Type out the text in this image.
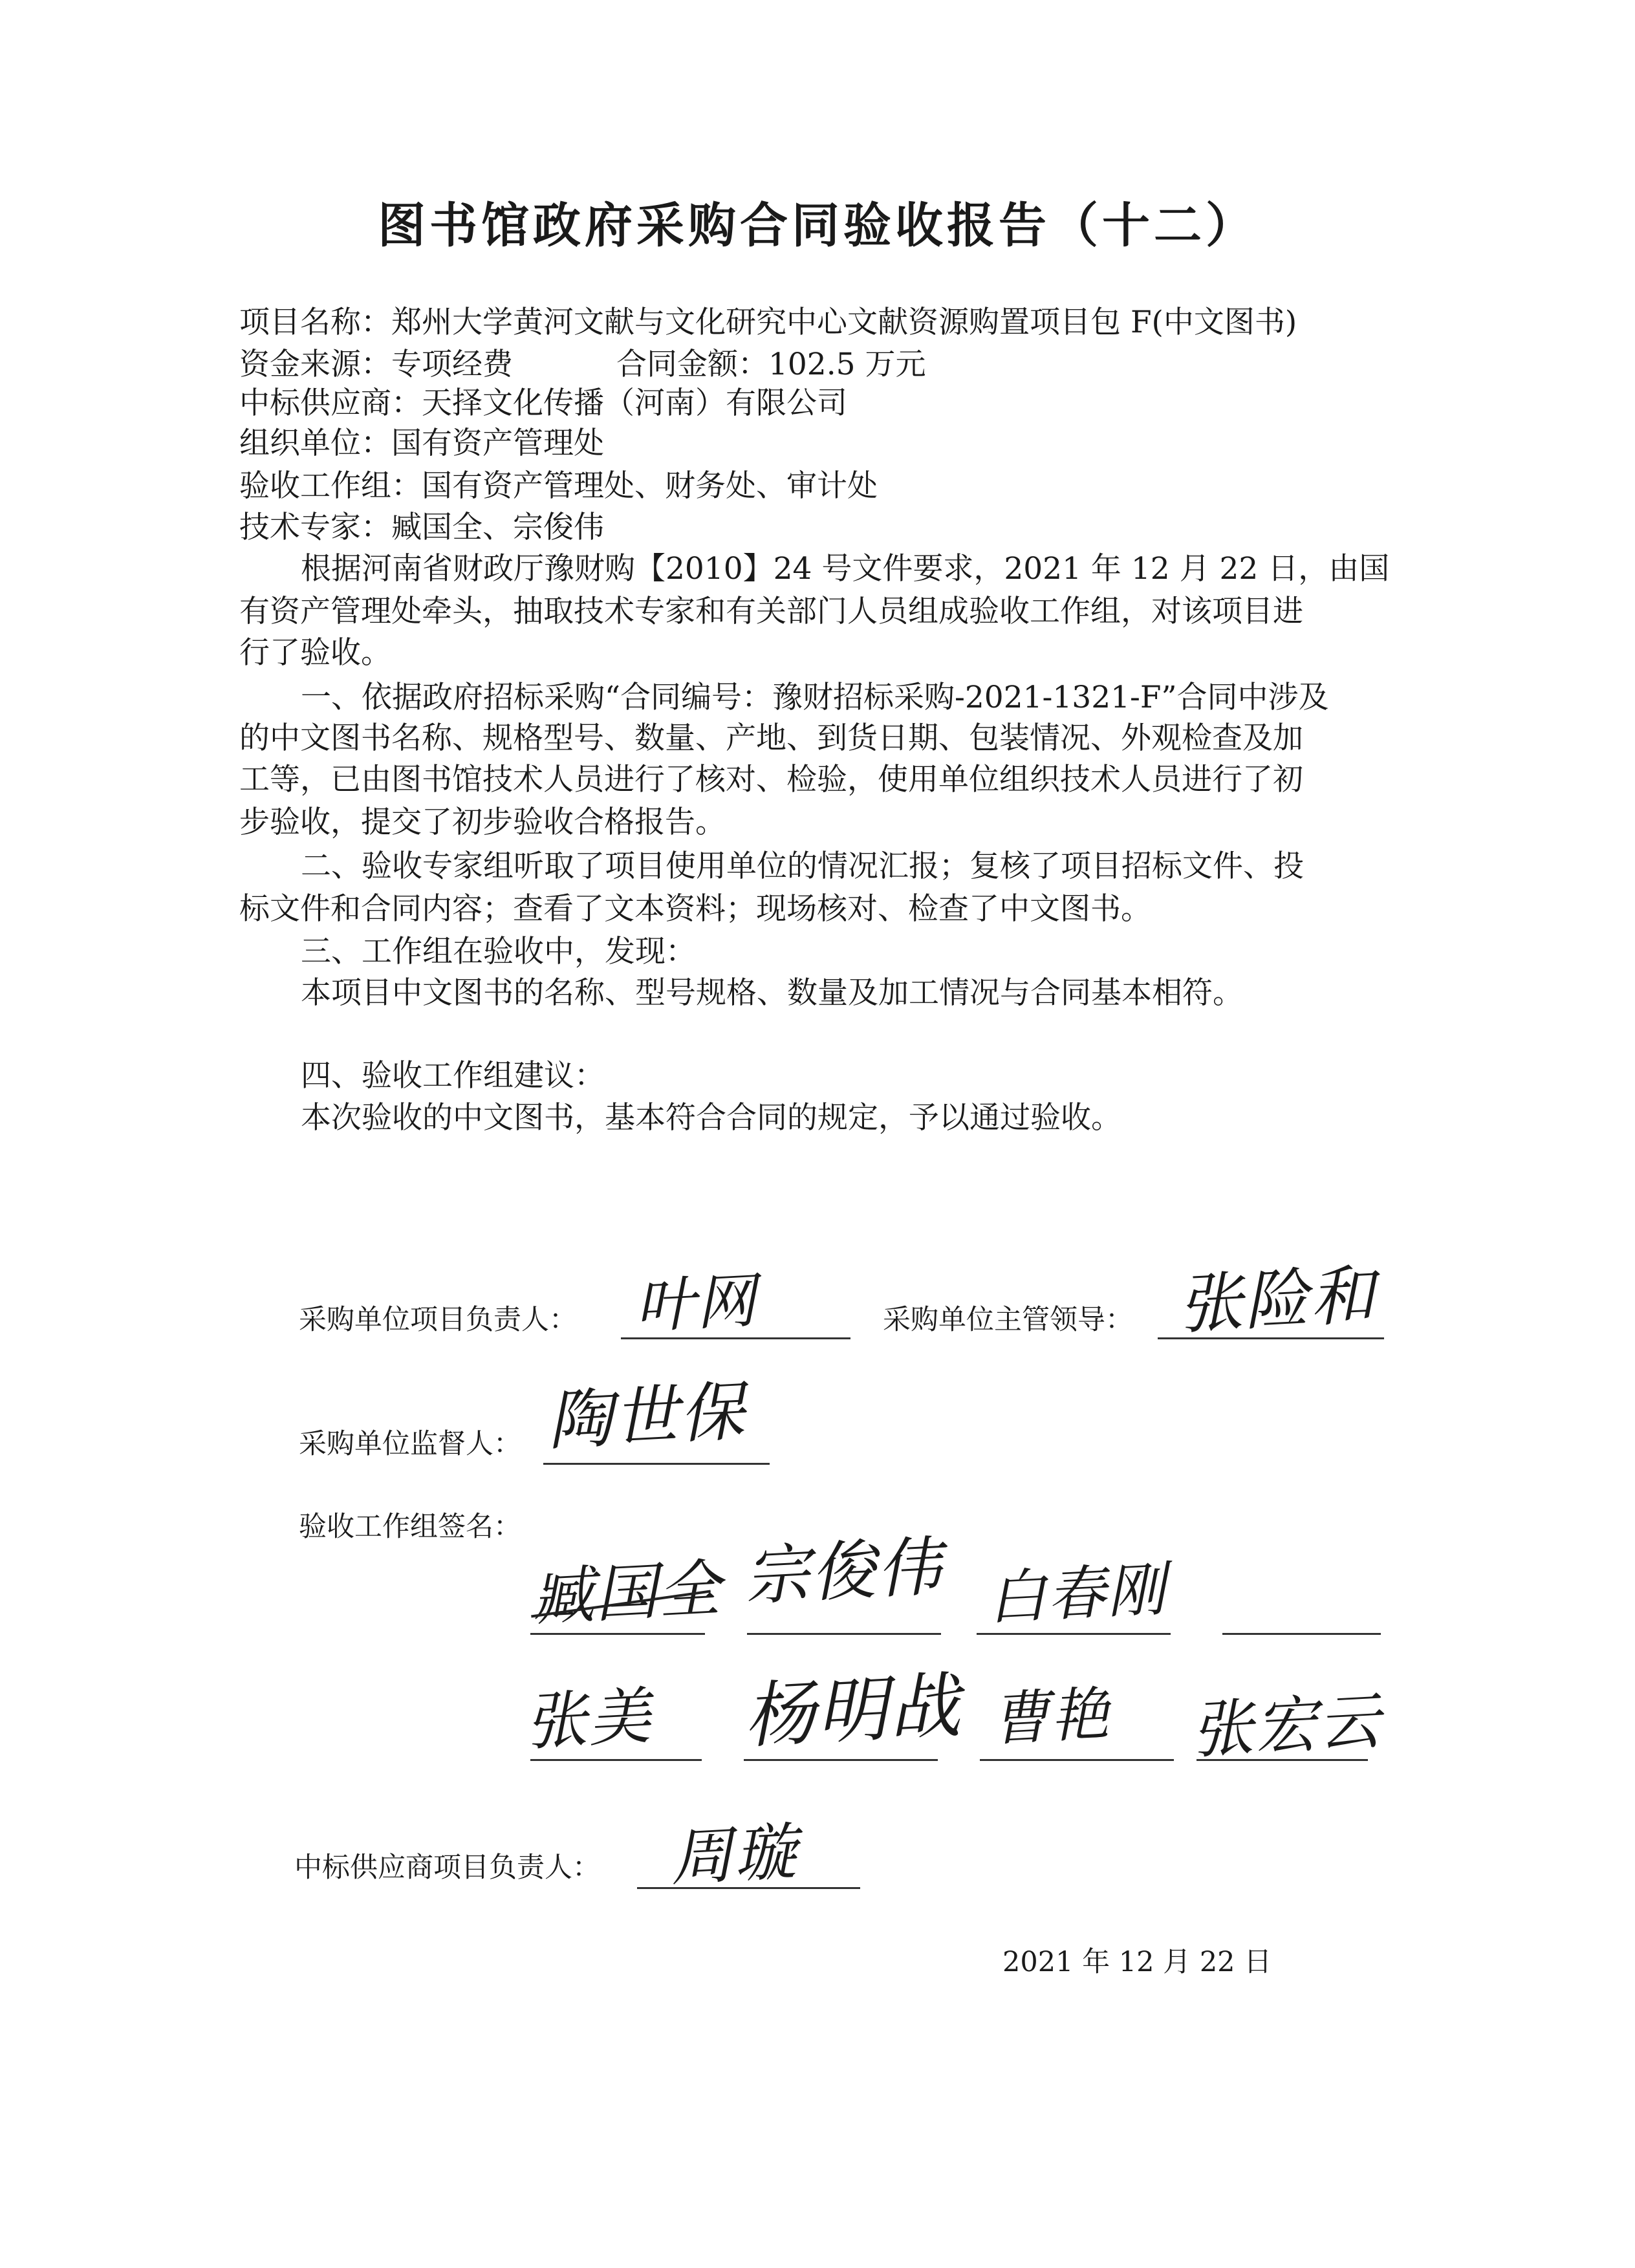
图书馆政府采购合同验收报告（十二）
项目名称：郑州大学黄河文献与文化研究中心文献资源购置项目包 F(中文图书)
资金来源：专项经费	合同金额：102.5 万元
中标供应商：天择文化传播（河南）有限公司
组织单位：国有资产管理处
验收工作组：国有资产管理处、财务处、审计处
技术专家：臧国全、宗俊伟
根据河南省财政厅豫财购【2010】24 号文件要求，2021 年 12 月 22 日，由国
有资产管理处牵头，抽取技术专家和有关部门人员组成验收工作组，对该项目进
行了验收。
一、依据政府招标采购“合同编号：豫财招标采购-2021-1321-F”合同中涉及
的中文图书名称、规格型号、数量、产地、到货日期、包装情况、外观检查及加
工等，已由图书馆技术人员进行了核对、检验，使用单位组织技术人员进行了初
步验收，提交了初步验收合格报告。
二、验收专家组听取了项目使用单位的情况汇报；复核了项目招标文件、投
标文件和合同内容；查看了文本资料；现场核对、检查了中文图书。
三、工作组在验收中，发现：
本项目中文图书的名称、型号规格、数量及加工情况与合同基本相符。
四、验收工作组建议：
本次验收的中文图书，基本符合合同的规定，予以通过验收。
采购单位项目负责人： 叶网	采购单位主管领导： 张险和
采购单位监督人： 陶世保
验收工作组签名：
臧国全 宗俊伟 白春刚
张美 杨明战 曹艳 张宏云
中标供应商项目负责人： 周璇
2021 年 12 月 22 日
